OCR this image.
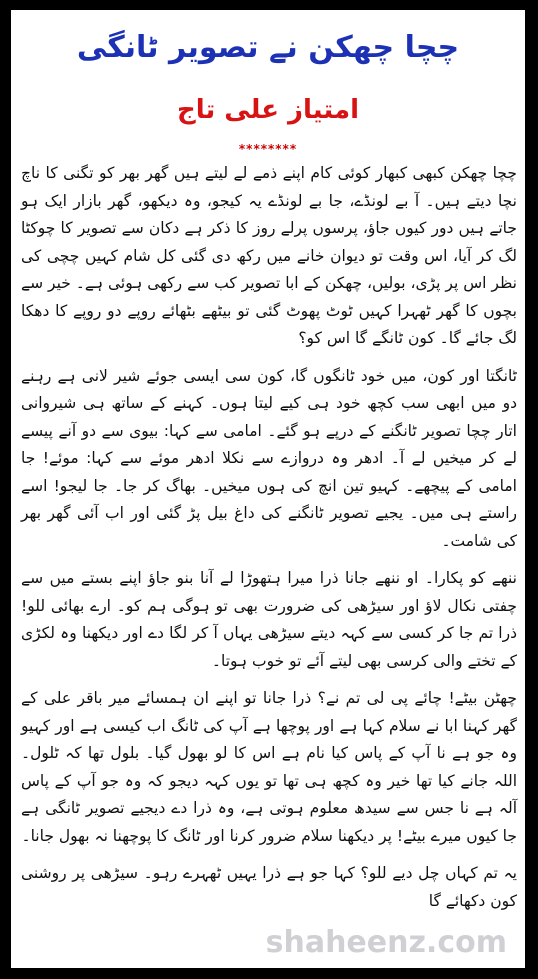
چچا چھکن نے تصویر ٹانگی
امتیاز علی تاج
********

چچا چھکن کبھی کبھار کوئی کام اپنے ذمے لے لیتے ہیں گھر بھر کو تگنی کا ناچ نچا دیتے ہیں۔ آ بے لونڈے، جا بے لونڈے یہ کیجو، وہ دیکھو، گھر بازار ایک ہو جاتے ہیں دور کیوں جاؤ، پرسوں پرلے روز کا ذکر ہے دکان سے تصویر کا چوکٹا لگ کر آیا، اس وقت تو دیوان خانے میں رکھ دی گئی کل شام کہیں چچی کی نظر اس پر پڑی، بولیں، چھکن کے ابا تصویر کب سے رکھی ہوئی ہے۔ خیر سے بچوں کا گھر ٹھہرا کہیں ٹوٹ پھوٹ گئی تو بیٹھے بٹھائے روپے دو روپے کا دھکا لگ جائے گا۔ کون ٹانگے گا اس کو؟

ٹانگتا اور کون، میں خود ٹانگوں گا، کون سی ایسی جوئے شیر لانی ہے رہنے دو میں ابھی سب کچھ خود ہی کیے لیتا ہوں۔ کہنے کے ساتھ ہی شیروانی اتار چچا تصویر ٹانگنے کے درپے ہو گئے۔ امامی سے کہا: بیوی سے دو آنے پیسے لے کر میخیں لے آ۔ ادھر وہ دروازے سے نکلا ادھر موئے سے کہا: موئے! جا امامی کے پیچھے۔ کہیو تین انچ کی ہوں میخیں۔ بھاگ کر جا۔ جا لیجو! اسے راستے ہی میں۔ یجیے تصویر ٹانگنے کی داغ بیل پڑ گئی اور اب آئی گھر بھر کی شامت۔

ننھے کو پکارا۔ او ننھے جانا ذرا میرا ہتھوڑا لے آنا بنو جاؤ اپنے بستے میں سے چفتی نکال لاؤ اور سیڑھی کی ضرورت بھی تو ہوگی ہم کو۔ ارے بھائی للو! ذرا تم جا کر کسی سے کہہ دیتے سیڑھی یہاں آ کر لگا دے اور دیکھنا وہ لکڑی کے تختے والی کرسی بھی لیتے آئے تو خوب ہوتا۔

چھٹن بیٹے! چائے پی لی تم نے؟ ذرا جانا تو اپنے ان ہمسائے میر باقر علی کے گھر کہنا ابا نے سلام کہا ہے اور پوچھا ہے آپ کی ٹانگ اب کیسی ہے اور کہیو وہ جو ہے نا آپ کے پاس کیا نام ہے اس کا لو بھول گیا۔ بلول تھا کہ ٹلول۔ اللہ جانے کیا تھا خیر وہ کچھ ہی تھا تو یوں کہہ دیجو کہ وہ جو آپ کے پاس آلہ ہے نا جس سے سیدھ معلوم ہوتی ہے، وہ ذرا دے دیجیے تصویر ٹانگی ہے جا کیوں میرے بیٹے! پر دیکھنا سلام ضرور کرنا اور ٹانگ کا پوچھنا نہ بھول جانا۔

یہ تم کہاں چل دیے للو؟ کہا جو ہے ذرا یہیں ٹھہرے رہو۔ سیڑھی پر روشنی کون دکھائے گا

shaheenz.com
